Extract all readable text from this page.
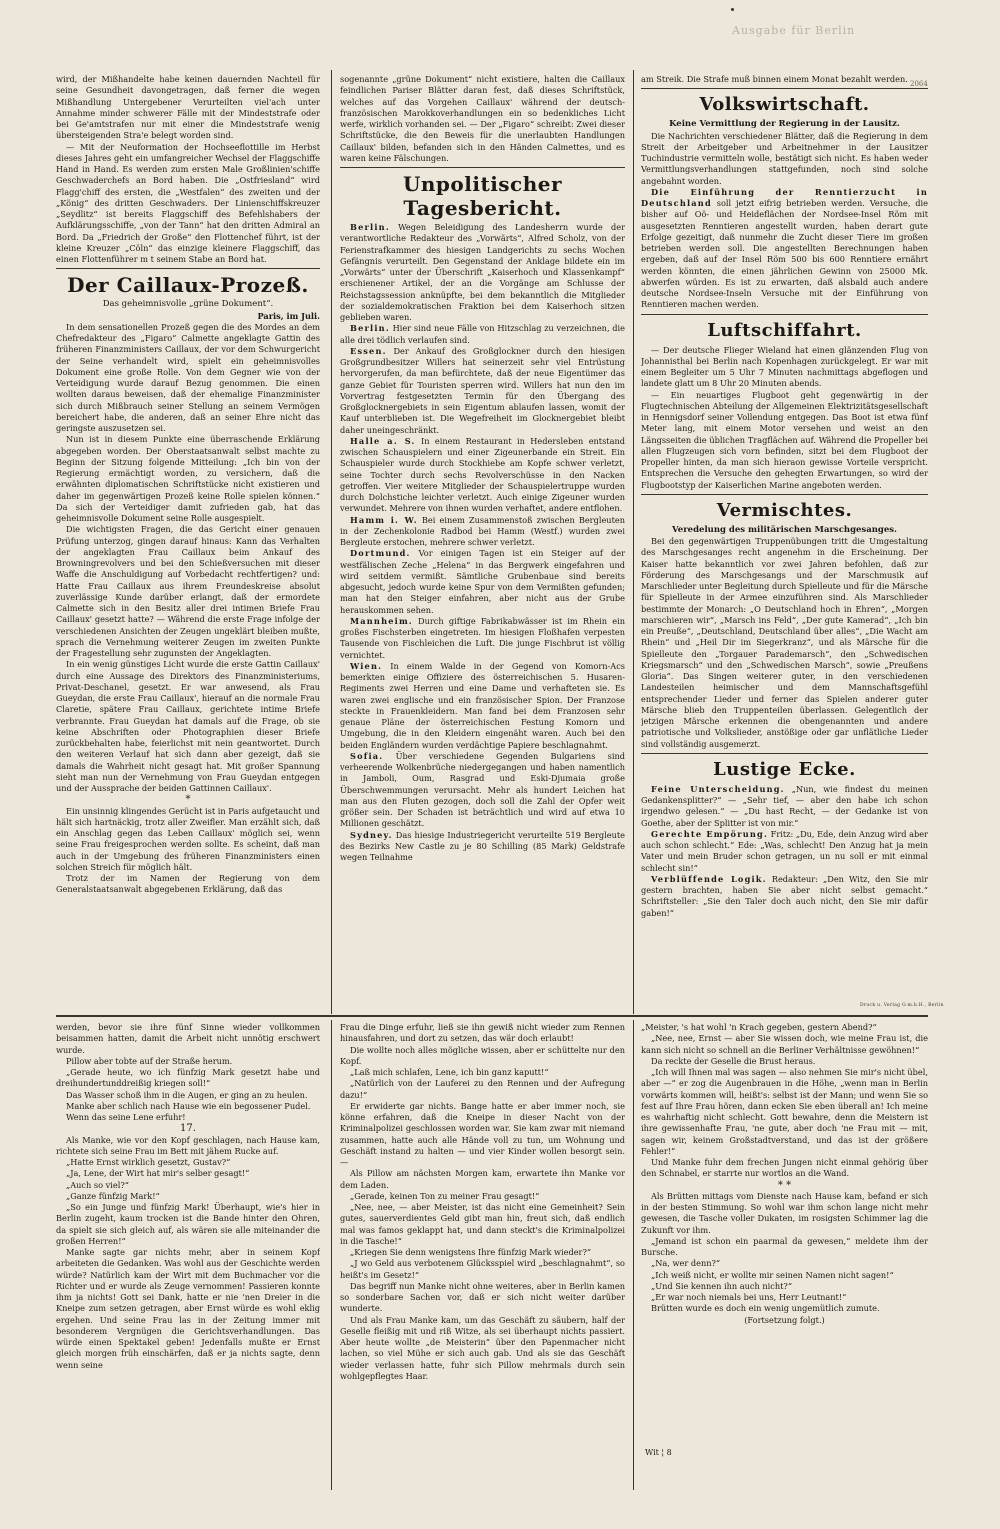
Ausgabe für Berlin
2064

wird, der Mißhandelte habe keinen dauernden Nachteil für seine Gesundheit davongetragen, daß ferner die wegen Mißhandlung Untergebener Verurteilten viel'ach unter Annahme minder schwerer Fälle mit der Mindeststrafe oder bei Ge'amtstrafen nur mit einer die Mindeststrafe wenig übersteigenden Stra'e belegt worden sind.

— Mit der Neuformation der Hochseeflottille im Herbst dieses Jahres geht ein umfangreicher Wechsel der Flaggschiffe Hand in Hand. Es werden zum ersten Male Großlinien'schiffe Geschwaderchefs an Bord haben. Die „Ostfriesland“ wird Flagg'chiff des ersten, die „Westfalen“ des zweiten und der „König“ des dritten Geschwaders. Der Linienschiffskreuzer „Seydlitz“ ist bereits Flaggschiff des Befehlshabers der Aufklärungsschiffe, „von der Tann“ hat den dritten Admiral an Bord. Da „Friedrich der Große“ den Flottenchef führt, ist der kleine Kreuzer „Cöln“ das einzige kleinere Flaggschiff, das einen Flottenführer m t seinem Stabe an Bord hat.

Der Caillaux-Prozeß.

Das geheimnisvolle „grüne Dokument“.

Paris, im Juli.

In dem sensationellen Prozeß gegen die des Mordes an dem Chefredakteur des „Figaro“ Calmette angeklagte Gattin des früheren Finanzministers Caillaux, der vor dem Schwurgericht der Seine verhandelt wird, spielt ein geheimnisvolles Dokument eine große Rolle. Von dem Gegner wie von der Verteidigung wurde darauf Bezug genommen. Die einen wollten daraus beweisen, daß der ehemalige Finanzminister sich durch Mißbrauch seiner Stellung an seinem Vermögen bereichert habe, die anderen, daß an seiner Ehre nicht das geringste auszusetzen sei.

Nun ist in diesem Punkte eine überraschende Erklärung abgegeben worden. Der Oberstaatsanwalt selbst machte zu Beginn der Sitzung folgende Mitteilung: „Ich bin von der Regierung ermächtigt worden, zu versichern, daß die erwähnten diplomatischen Schriftstücke nicht existieren und daher im gegenwärtigen Prozeß keine Rolle spielen können.“ Da sich der Verteidiger damit zufrieden gab, hat das geheimnisvolle Dokument seine Rolle ausgespielt.

Die wichtigsten Fragen, die das Gericht einer genauen Prüfung unterzog, gingen darauf hinaus: Kann das Verhalten der angeklagten Frau Caillaux beim Ankauf des Browningrevolvers und bei den Schießversuchen mit dieser Waffe die Anschuldigung auf Vorbedacht rechtfertigen? und: Hatte Frau Caillaux aus ihrem Freundeskreise absolut zuverlässige Kunde darüber erlangt, daß der ermordete Calmette sich in den Besitz aller drei intimen Briefe Frau Caillaux' gesetzt hatte? — Während die erste Frage infolge der verschiedenen Ansichten der Zeugen ungeklärt bleiben mußte, sprach die Vernehmung weiterer Zeugen im zweiten Punkte der Fragestellung sehr zugunsten der Angeklagten.

In ein wenig günstiges Licht wurde die erste Gattin Caillaux' durch eine Aussage des Direktors des Finanzministeriums, Privat-Deschanel, gesetzt. Er war anwesend, als Frau Gueydan, die erste Frau Caillaux', hierauf an die normale Frau Claretie, spätere Frau Caillaux, gerichtete intime Briefe verbrannte. Frau Gueydan hat damals auf die Frage, ob sie keine Abschriften oder Photographien dieser Briefe zurückbehalten habe, feierlichst mit nein geantwortet. Durch den weiteren Verlauf hat sich dann aber gezeigt, daß sie damals die Wahrheit nicht gesagt hat. Mit großer Spannung sieht man nun der Vernehmung von Frau Gueydan entgegen und der Aussprache der beiden Gattinnen Caillaux'.

*

Ein unsinnig klingendes Gerücht ist in Paris aufgetaucht und hält sich hartnäckig, trotz aller Zweifler. Man erzählt sich, daß ein Anschlag gegen das Leben Caillaux' möglich sei, wenn seine Frau freigesprochen werden sollte. Es scheint, daß man auch in der Umgebung des früheren Finanzministers einen solchen Streich für möglich hält.

Trotz der im Namen der Regierung von dem Generalstaatsanwalt abgegebenen Erklärung, daß das

sogenannte „grüne Dokument“ nicht existiere, halten die Caillaux feindlichen Pariser Blätter daran fest, daß dieses Schriftstück, welches auf das Vorgehen Caillaux' während der deutsch-französischen Marokkoverhandlungen ein so bedenkliches Licht werfe, wirklich vorhanden sei. — Der „Figaro“ schreibt: Zwei dieser Schriftstücke, die den Beweis für die unerlaubten Handlungen Caillaux' bilden, befanden sich in den Händen Calmettes, und es waren keine Fälschungen.

Unpolitischer Tagesbericht.

Berlin. Wegen Beleidigung des Landesherrn wurde der verantwortliche Redakteur des „Vorwärts“, Alfred Scholz, von der Ferienstrafkammer des hiesigen Landgerichts zu sechs Wochen Gefängnis verurteilt. Den Gegenstand der Anklage bildete ein im „Vorwärts“ unter der Überschrift „Kaiserhoch und Klassenkampf“ erschienener Artikel, der an die Vorgänge am Schlusse der Reichstagssession anknüpfte, bei dem bekanntlich die Mitglieder der sozialdemokratischen Fraktion bei dem Kaiserhoch sitzen geblieben waren.

Berlin. Hier sind neue Fälle von Hitzschlag zu verzeichnen, die alle drei tödlich verlaufen sind.

Essen. Der Ankauf des Großglockner durch den hiesigen Großgrundbesitzer Willers hat seinerzeit sehr viel Entrüstung hervorgerufen, da man befürchtete, daß der neue Eigentümer das ganze Gebiet für Touristen sperren wird. Willers hat nun den im Vorvertrag festgesetzten Termin für den Übergang des Großglocknergebiets in sein Eigentum ablaufen lassen, womit der Kauf unterblieben ist. Die Wegefreiheit im Glocknergebiet bleibt daher uneingeschränkt.

Halle a. S. In einem Restaurant in Hedersleben entstand zwischen Schauspielern und einer Zigeunerbande ein Streit. Ein Schauspieler wurde durch Stockhiebe am Kopfe schwer verletzt, seine Tochter durch sechs Revolverschüsse in den Nacken getroffen. Vier weitere Mitglieder der Schauspielertruppe wurden durch Dolchstiche leichter verletzt. Auch einige Zigeuner wurden verwundet. Mehrere von ihnen wurden verhaftet, andere entflohen.

Hamm i. W. Bei einem Zusammenstoß zwischen Bergleuten in der Zechenkolonie Radbod bei Hamm (Westf.) wurden zwei Bergleute erstochen, mehrere schwer verletzt.

Dortmund. Vor einigen Tagen ist ein Steiger auf der westfälischen Zeche „Helena“ in das Bergwerk eingefahren und wird seitdem vermißt. Sämtliche Grubenbaue sind bereits abgesucht, jedoch wurde keine Spur von dem Vermißten gefunden; man hat den Steiger einfahren, aber nicht aus der Grube herauskommen sehen.

Mannheim. Durch giftige Fabrikabwässer ist im Rhein ein großes Fischsterben eingetreten. Im hiesigen Floßhafen verpesten Tausende von Fischleichen die Luft. Die junge Fischbrut ist völlig vernichtet.

Wien. In einem Walde in der Gegend von Komorn-Acs bemerkten einige Offiziere des österreichischen 5. Husaren-Regiments zwei Herren und eine Dame und verhafteten sie. Es waren zwei englische und ein französischer Spion. Der Franzose steckte in Frauenkleidern. Man fand bei dem Franzosen sehr genaue Pläne der österreichischen Festung Komorn und Umgebung, die in den Kleidern eingenäht waren. Auch bei den beiden Engländern wurden verdächtige Papiere beschlagnahmt.

Sofia. Über verschiedene Gegenden Bulgariens sind verheerende Wolkenbrüche niedergegangen und haben namentlich in Jamboli, Oum, Rasgrad und Eski-Djumaia große Überschwemmungen verursacht. Mehr als hundert Leichen hat man aus den Fluten gezogen, doch soll die Zahl der Opfer weit größer sein. Der Schaden ist beträchtlich und wird auf etwa 10 Millionen geschätzt.

Sydney. Das hiesige Industriegericht verurteilte 519 Bergleute des Bezirks New Castle zu je 80 Schilling (85 Mark) Geldstrafe wegen Teilnahme

am Streik. Die Strafe muß binnen einem Monat bezahlt werden.

Volkswirtschaft.

Keine Vermittlung der Regierung in der Lausitz.

Die Nachrichten verschiedener Blätter, daß die Regierung in dem Streit der Arbeitgeber und Arbeitnehmer in der Lausitzer Tuchindustrie vermitteln wolle, bestätigt sich nicht. Es haben weder Vermittlungsverhandlungen stattgefunden, noch sind solche angebahnt worden.

Die Einführung der Renntierzucht in Deutschland soll jetzt eifrig betrieben werden. Versuche, die bisher auf Oö- und Heideflächen der Nordsee-Insel Röm mit ausgesetzten Renntieren angestellt wurden, haben derart gute Erfolge gezeitigt, daß nunmehr die Zucht dieser Tiere im großen betrieben werden soll. Die angestellten Berechnungen haben ergeben, daß auf der Insel Röm 500 bis 600 Renntiere ernährt werden könnten, die einen jährlichen Gewinn von 25000 Mk. abwerfen würden. Es ist zu erwarten, daß alsbald auch andere deutsche Nordsee-Inseln Versuche mit der Einführung von Renntieren machen werden.

Luftschiffahrt.

— Der deutsche Flieger Wieland hat einen glänzenden Flug von Johannisthal bei Berlin nach Kopenhagen zurückgelegt. Er war mit einem Begleiter um 5 Uhr 7 Minuten nachmittags abgeflogen und landete glatt um 8 Uhr 20 Minuten abends.

— Ein neuartiges Flugboot geht gegenwärtig in der Flugtechnischen Abteilung der Allgemeinen Elektrizitätsgesellschaft in Hennigsdorf seiner Vollendung entgegen. Das Boot ist etwa fünf Meter lang, mit einem Motor versehen und weist an den Längsseiten die üblichen Tragflächen auf. Während die Propeller bei allen Flugzeugen sich vorn befinden, sitzt bei dem Flugboot der Propeller hinten, da man sich hieraon gewisse Vorteile verspricht. Entsprechen die Versuche den gehegten Erwartungen, so wird der Flugbootstyp der Kaiserlichen Marine angeboten werden.

Vermischtes.

Veredelung des militärischen Marschgesanges.

Bei den gegenwärtigen Truppenübungen tritt die Umgestaltung des Marschgesanges recht angenehm in die Erscheinung. Der Kaiser hatte bekanntlich vor zwei Jahren befohlen, daß zur Förderung des Marschgesangs und der Marschmusik auf Marschlieder unter Begleitung durch Spielleute und für die Märsche für Spielleute in der Armee einzuführen sind. Als Marschlieder bestimmte der Monarch: „O Deutschland hoch in Ehren“, „Morgen marschieren wir“, „Marsch ins Feld“, „Der gute Kamerad“, „Ich bin ein Preuße“, „Deutschland, Deutschland über alles“, „Die Wacht am Rhein“ und „Heil Dir im Siegerkranz“, und als Märsche für die Spielleute den „Torgauer Parademarsch“, den „Schwedischen Kriegsmarsch“ und den „Schwedischen Marsch“, sowie „Preußens Gloria“. Das Singen weiterer guter, in den verschiedenen Landesteilen heimischer und dem Mannschaftsgefühl entsprechender Lieder und ferner das Spielen anderer guter Märsche blieb den Truppenteilen überlassen. Gelegentlich der jetzigen Märsche erkennen die obengenannten und andere patriotische und Volkslieder, anstößige oder gar unflätliche Lieder sind vollständig ausgemerzt.

Lustige Ecke.

Feine Unterscheidung. „Nun, wie findest du meinen Gedankensplitter?“ — „Sehr tief, — aber den habe ich schon irgendwo gelesen.“ — „Du hast Recht, — der Gedanke ist von Goethe, aber der Splitter ist von mir.“

Gerechte Empörung. Fritz: „Du, Ede, dein Anzug wird aber auch schon schlecht.“ Ede: „Was, schlecht! Den Anzug hat ja mein Vater und mein Bruder schon getragen, un nu soll er mit einmal schlecht sin!“

Verblüffende Logik. Redakteur: „Den Witz, den Sie mir gestern brachten, haben Sie aber nicht selbst gemacht.“ Schriftsteller: „Sie den Taler doch auch nicht, den Sie mir dafür gaben!“

Druck u. Verlag G.m.b.H., Berlin

werden, bevor sie ihre fünf Sinne wieder vollkommen beisammen hatten, damit die Arbeit nicht unnötig erschwert wurde.

Pillow aber tobte auf der Straße herum.

„Gerade heute, wo ich fünfzig Mark gesetzt habe und dreihundertunddreißig kriegen soll!“

Das Wasser schoß ihm in die Augen, er ging an zu heulen.

Manke aber schlich nach Hause wie ein begossener Pudel.

Wenn das seine Lene erfuhr!

17.

Als Manke, wie vor den Kopf geschlagen, nach Hause kam, richtete sich seine Frau im Bett mit jähem Rucke auf.

„Hatte Ernst wirklich gesetzt, Gustav?“

„Ja, Lene, der Wirt hat mir's selber gesagt!“

„Auch so viel?“

„Ganze fünfzig Mark!“

„So ein Junge und fünfzig Mark! Überhaupt, wie's hier in Berlin zugeht, kaum trocken ist die Bande hinter den Ohren, da spielt sie sich gleich auf, als wären sie alle miteinander die großen Herren!“

Manke sagte gar nichts mehr, aber in seinem Kopf arbeiteten die Gedanken. Was wohl aus der Geschichte werden würde? Natürlich kam der Wirt mit dem Buchmacher vor die Richter und er wurde als Zeuge vernommen! Passieren konnte ihm ja nichts! Gott sei Dank, hatte er nie 'nen Dreier in die Kneipe zum setzen getragen, aber Ernst würde es wohl eklig ergehen. Und seine Frau las in der Zeitung immer mit besonderem Vergnügen die Gerichtsverhandlungen. Das würde einen Spektakel geben! Jedenfalls mußte er Ernst gleich morgen früh einschärfen, daß er ja nichts sagte, denn wenn seine

Frau die Dinge erfuhr, ließ sie ihn gewiß nicht wieder zum Rennen hinausfahren, und dort zu setzen, das wär doch erlaubt!

Die wollte noch alles mögliche wissen, aber er schüttelte nur den Kopf.

„Laß mich schlafen, Lene, ich bin ganz kaputt!“

„Natürlich von der Lauferei zu den Rennen und der Aufregung dazu!“

Er erwiderte gar nichts. Bange hatte er aber immer noch, sie könne erfahren, daß die Kneipe in dieser Nacht von der Kriminalpolizei geschlossen worden war. Sie kam zwar mit niemand zusammen, hatte auch alle Hände voll zu tun, um Wohnung und Geschäft instand zu halten — und vier Kinder wollen besorgt sein. —

Als Pillow am nächsten Morgen kam, erwartete ihn Manke vor dem Laden.

„Gerade, keinen Ton zu meiner Frau gesagt!“

„Nee, nee, — aber Meister, ist das nicht eine Gemeinheit? Sein gutes, sauerverdientes Geld gibt man hin, freut sich, daß endlich mal was famos geklappt hat, und dann steckt's die Kriminalpolizei in die Tasche!“

„Kriegen Sie denn wenigstens Ihre fünfzig Mark wieder?“

„J wo Geld aus verbotenem Glücksspiel wird „beschlagnahmt“, so heißt's im Gesetz!“

Das begriff nun Manke nicht ohne weiteres, aber in Berlin kamen so sonderbare Sachen vor, daß er sich nicht weiter darüber wunderte.

Und als Frau Manke kam, um das Geschäft zu säubern, half der Geselle fleißig mit und riß Witze, als sei überhaupt nichts passiert. Aber heute wollte „de Meisterin“ über den Papenmacher nicht lachen, so viel Mühe er sich auch gab. Und als sie das Geschäft wieder verlassen hatte, fuhr sich Pillow mehrmals durch sein wohlgepflegtes Haar.

„Meister, 's hat wohl 'n Krach gegeben, gestern Abend?“

„Nee, nee, Ernst — aber Sie wissen doch, wie meine Frau ist, die kann sich nicht so schnell an die Berliner Verhältnisse gewöhnen!“

Da reckte der Geselle die Brust heraus.

„Ich will Ihnen mal was sagen — also nehmen Sie mir's nicht übel, aber —“ er zog die Augenbrauen in die Höhe, „wenn man in Berlin vorwärts kommen will, heißt's: selbst ist der Mann; und wenn Sie so fest auf Ihre Frau hören, dann ecken Sie eben überall an! Ich meine es wahrhaftig nicht schlecht. Gott bewahre, denn die Meistern ist ihre gewissenhafte Frau, 'ne gute, aber doch 'ne Frau mit — mit, sagen wir, keinem Großstadtverstand, und das ist der größere Fehler!“

Und Manke fuhr dem frechen Jungen nicht einmal gehörig über den Schnabel, er starrte nur wortlos an die Wand.

* *

Als Brütten mittags vom Dienste nach Hause kam, befand er sich in der besten Stimmung. So wohl war ihm schon lange nicht mehr gewesen, die Tasche voller Dukaten, im rosigsten Schimmer lag die Zukunft vor ihm.

„Jemand ist schon ein paarmal da gewesen,“ meldete ihm der Bursche.

„Na, wer denn?“

„Ich weiß nicht, er wollte mir seinen Namen nicht sagen!“

„Und Sie kennen ihn auch nicht?“

„Er war noch niemals bei uns, Herr Leutnant!“

Brütten wurde es doch ein wenig ungemütlich zumute.

(Fortsetzung folgt.)

Wit ¦ 8
